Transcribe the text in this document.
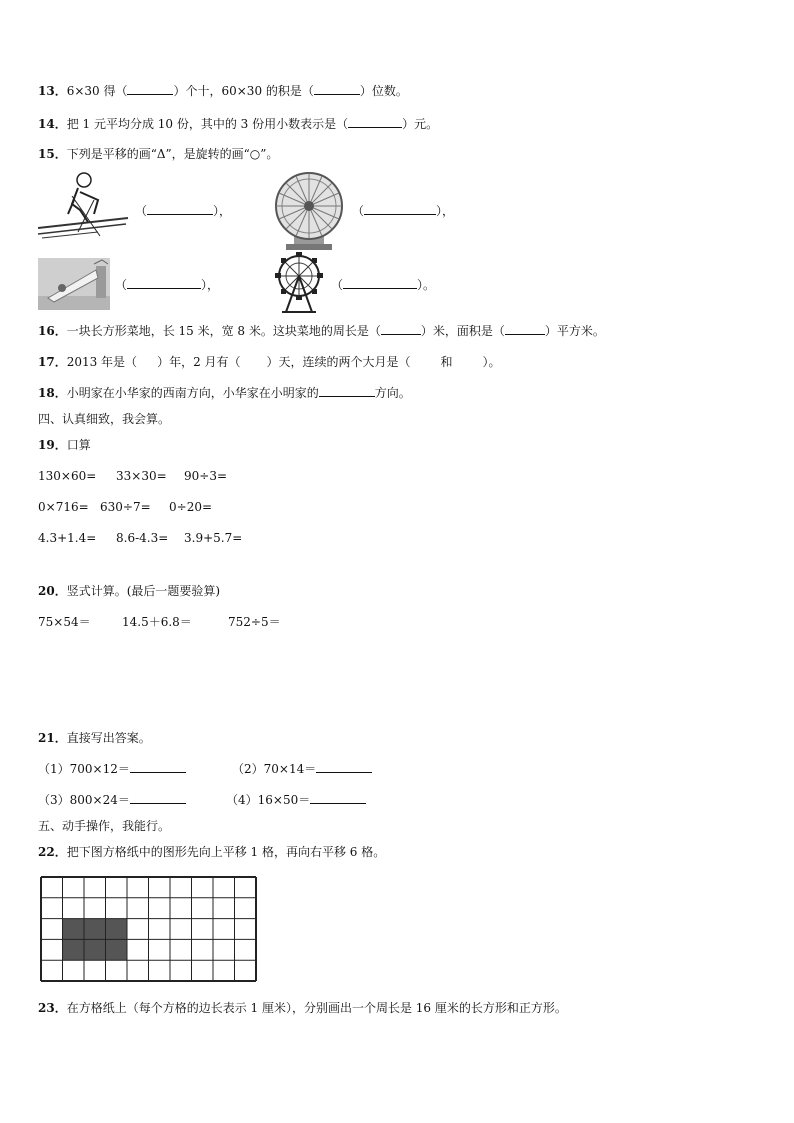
13．6×30 得（	）个十，60×30 的积是（	）位数。
14．把 1 元平均分成 10 份，其中的 3 份用小数表示是（	）元。
15．下列是平移的画“Δ”，是旋转的画“○”。
（	），	（	），
（	），	（	）。
16．一块长方形菜地，长 15 米，宽 8 米。这块菜地的周长是（	）米，面积是（	）平方米。
17．2013 年是（ ）年，2 月有（ ）天，连续的两个大月是（	和	）。
18．小明家在小华家的西南方向，小华家在小明家的	方向。
四、认真细致，我会算。
19．口算
130×60= 33×30= 90÷3=
0×716= 630÷7= 0÷20=
4.3+1.4= 8.6-4.3= 3.9+5.7=
20．竖式计算。(最后一题要验算)
75×54＝	14.5＋6.8＝	752÷5＝
21．直接写出答案。
（1）700×12＝	（2）70×14＝
（3）800×24＝	（4）16×50＝
五、动手操作，我能行。
22．把下图方格纸中的图形先向上平移 1 格，再向右平移 6 格。
23．在方格纸上（每个方格的边长表示 1 厘米），分别画出一个周长是 16 厘米的长方形和正方形。
